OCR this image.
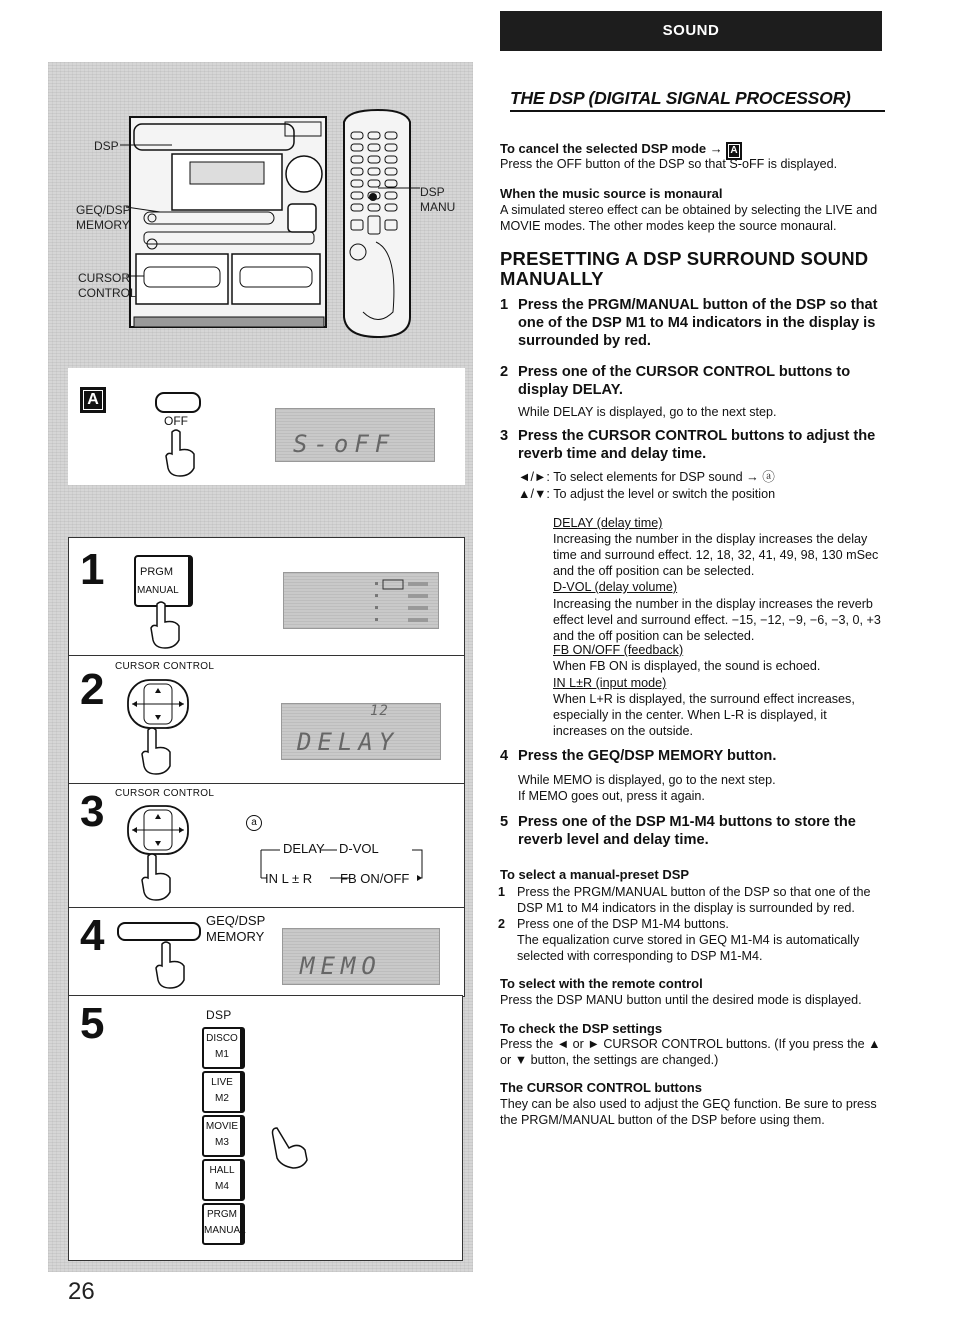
DSP
GEQ/DSP
MEMORY
CURSOR
CONTROL
DSP
MANU
A
OFF
S-oFF
1	PRGM
MANUAL
2 CURSOR CONTROL
12
DELAY
3 CURSOR CONTROL
a
DELAY D-VOL
IN L ± R FB ON/OFF
4	GEQ/DSP
MEMORY
MEMO
5	DSP
DISCO
M1
LIVE
M2
MOVIE
M3
HALL
M4
PRGM
MANUAL
SOUND
THE DSP (DIGITAL SIGNAL PROCESSOR)
To cancel the selected DSP mode → A
Press the OFF button of the DSP so that S-oFF is displayed.
When the music source is monaural
A simulated stereo effect can be obtained by selecting the LIVE and MOVIE modes. The other modes keep the source monaural.
PRESETTING A DSP SURROUND SOUND MANUALLY
1 Press the PRGM/MANUAL button of the DSP so that one of the DSP M1 to M4 indicators in the display is surrounded by red.
2 Press one of the CURSOR CONTROL buttons to display DELAY.
While DELAY is displayed, go to the next step.
3 Press the CURSOR CONTROL buttons to adjust the reverb time and delay time.
◄/►: To select elements for DSP sound → ⓐ
▲/▼: To adjust the level or switch the position
DELAY (delay time)
Increasing the number in the display increases the delay time and surround effect. 12, 18, 32, 41, 49, 98, 130 mSec and the off position can be selected.
D-VOL (delay volume)
Increasing the number in the display increases the reverb effect level and surround effect. −15, −12, −9, −6, −3, 0, +3 and the off position can be selected.
FB ON/OFF (feedback)
When FB ON is displayed, the sound is echoed.
IN L±R (input mode)
When L+R is displayed, the surround effect increases, especially in the center. When L-R is displayed, it increases on the outside.
4 Press the GEQ/DSP MEMORY button.
While MEMO is displayed, go to the next step.
If MEMO goes out, press it again.
5 Press one of the DSP M1-M4 buttons to store the reverb level and delay time.
To select a manual-preset DSP
1 Press the PRGM/MANUAL button of the DSP so that one of the DSP M1 to M4 indicators in the display is surrounded by red.
2 Press one of the DSP M1-M4 buttons.
The equalization curve stored in GEQ M1-M4 is automatically selected with corresponding to DSP M1-M4.
To select with the remote control
Press the DSP MANU button until the desired mode is displayed.
To check the DSP settings
Press the ◄ or ► CURSOR CONTROL buttons. (If you press the ▲ or ▼ button, the settings are changed.)
The CURSOR CONTROL buttons
They can be also used to adjust the GEQ function. Be sure to press the PRGM/MANUAL button of the DSP before using them.
26
